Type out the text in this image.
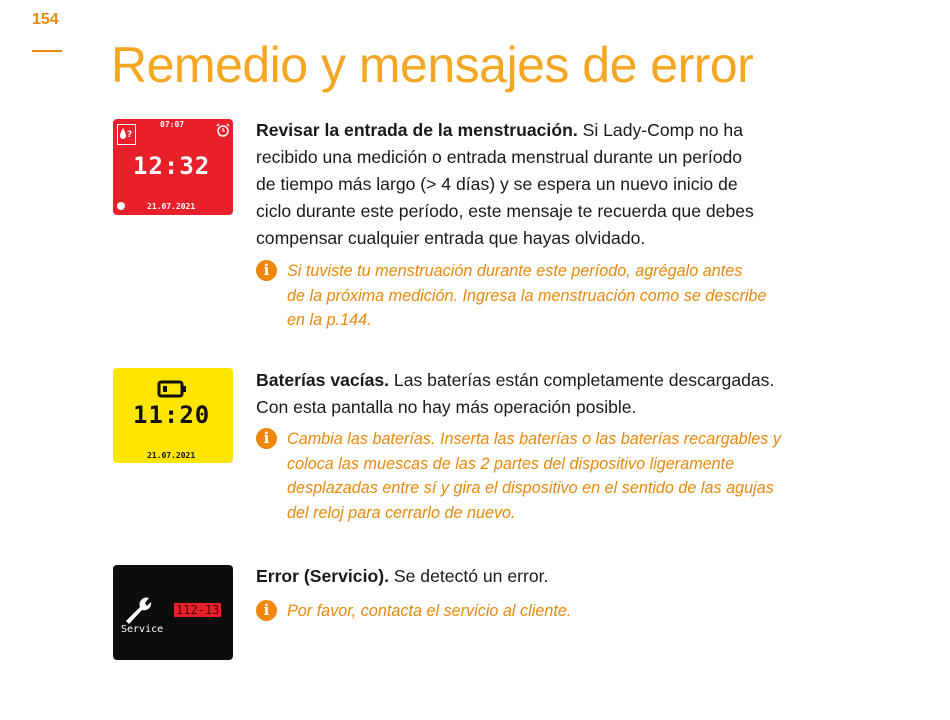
154
Remedio y mensajes de error
?
07:07
12:32
21.07.2021
Revisar la entrada de la menstruación. Si Lady-Comp no ha
recibido una medición o entrada menstrual durante un período
de tiempo más largo (> 4 días) y se espera un nuevo inicio de
ciclo durante este período, este mensaje te recuerda que debes
compensar cualquier entrada que hayas olvidado.
i	Si tuviste tu menstruación durante este período, agrégalo antes
de la próxima medición. Ingresa la menstruación como se describe
en la p.144.
11:20
21.07.2021
Baterías vacías. Las baterías están completamente descargadas.
Con esta pantalla no hay más operación posible.
i	Cambia las baterías. Inserta las baterías o las baterías recargables y
coloca las muescas de las 2 partes del dispositivo ligeramente
desplazadas entre sí y gira el dispositivo en el sentido de las agujas
del reloj para cerrarlo de nuevo.
112-13
Service
Error (Servicio). Se detectó un error.
i	Por favor, contacta el servicio al cliente.
